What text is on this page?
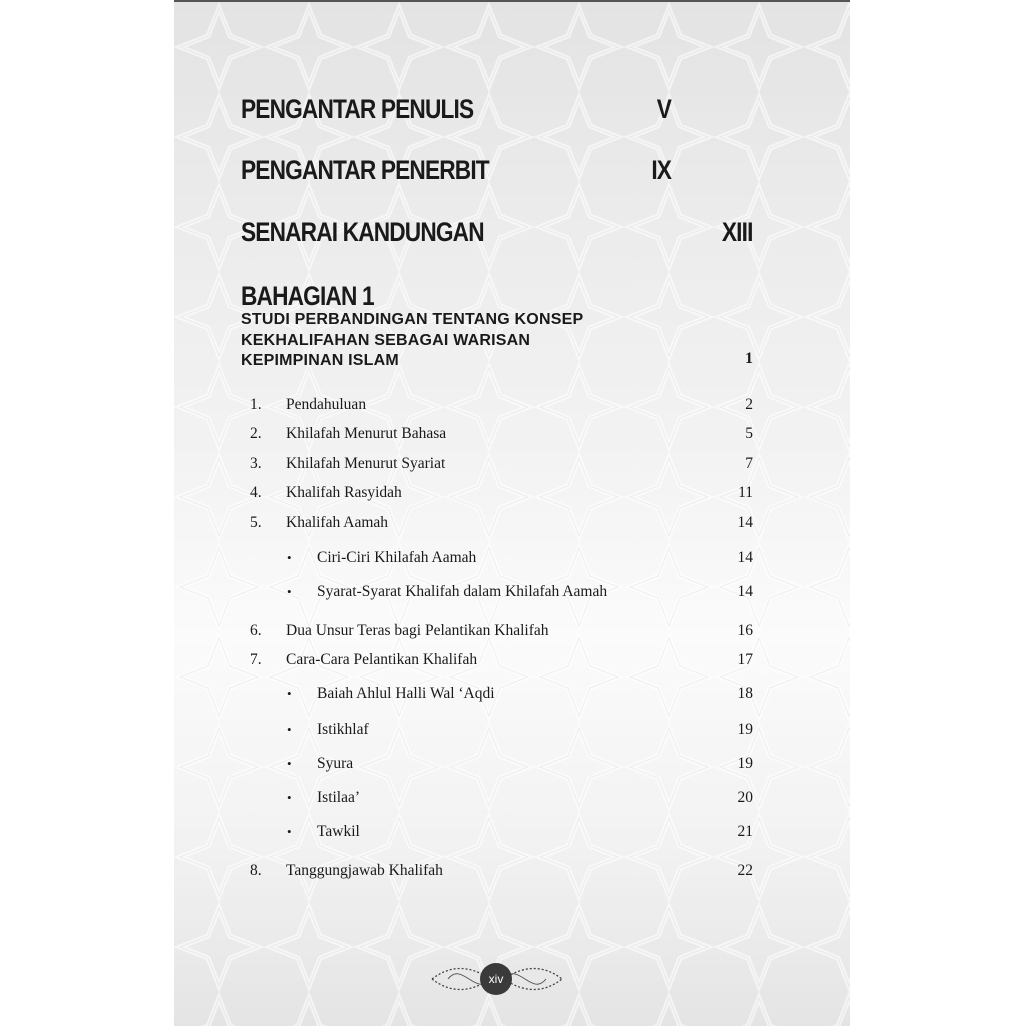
PENGANTAR PENULIS	V
PENGANTAR PENERBIT	IX
SENARAI KANDUNGAN	XIII
BAHAGIAN 1
STUDI PERBANDINGAN TENTANG KONSEP
KEKHALIFAHAN SEBAGAI WARISAN
KEPIMPINAN ISLAM	1
1. Pendahuluan	2
2. Khilafah Menurut Bahasa	5
3. Khilafah Menurut Syariat	7
4. Khalifah Rasyidah	11
5. Khalifah Aamah	14
• Ciri-Ciri Khilafah Aamah	14
• Syarat-Syarat Khalifah dalam Khilafah Aamah	14
6. Dua Unsur Teras bagi Pelantikan Khalifah	16
7. Cara-Cara Pelantikan Khalifah	17
• Baiah Ahlul Halli Wal ‘Aqdi	18
• Istikhlaf	19
• Syura	19
• Istilaa’	20
• Tawkil	21
8. Tanggungjawab Khalifah	22
xiv
